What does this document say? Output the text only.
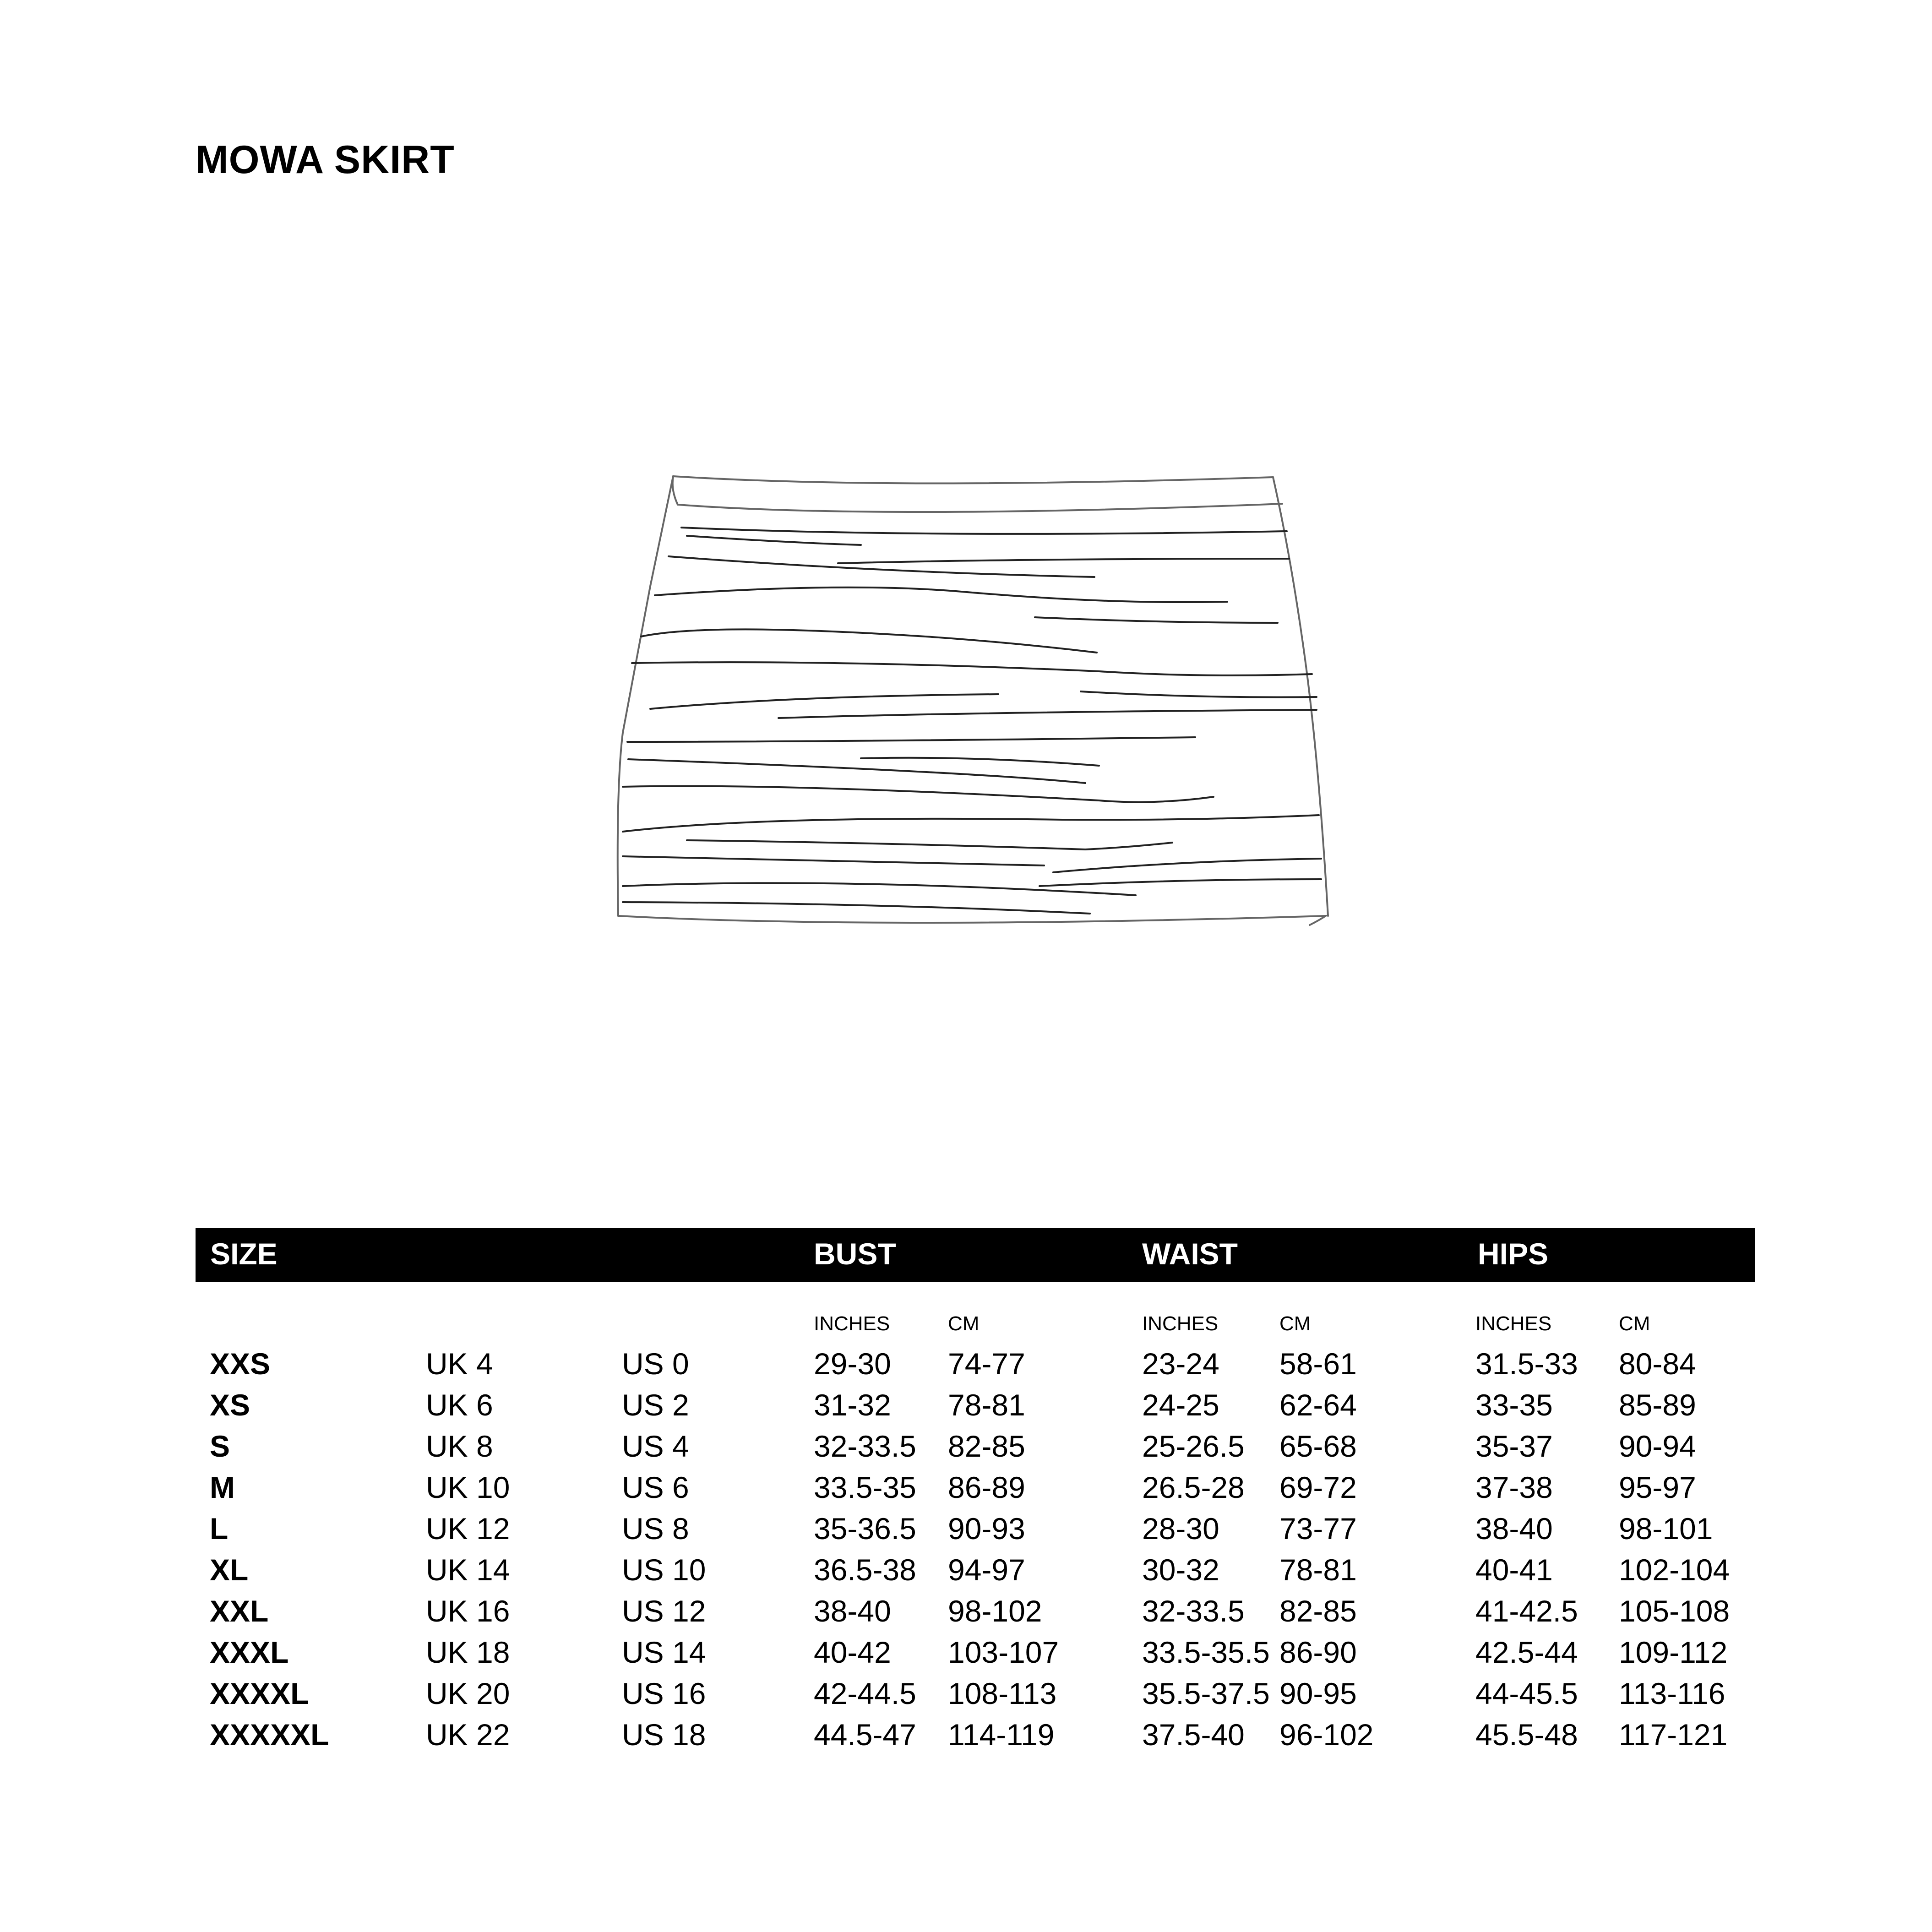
MOWA SKIRT
SIZE	BUST	WAIST	HIPS
INCHES	CM	INCHES	CM	INCHES	CM
XXS	UK 4	US 0	29-30 74-77	23-24 58-61	31.5-33 80-84
XS	UK 6	US 2	31-32 78-81	24-25 62-64	33-35 85-89
S	UK 8	US 4	32-33.5 82-85	25-26.5 65-68	35-37 90-94
M	UK 10	US 6	33.5-35 86-89	26.5-28 69-72	37-38 95-97
L	UK 12	US 8	35-36.5 90-93	28-30 73-77	38-40 98-101
XL	UK 14	US 10	36.5-38 94-97	30-32 78-81	40-41 102-104
XXL	UK 16	US 12	38-40 98-102	32-33.5 82-85	41-42.5 105-108
XXXL	UK 18	US 14	40-42 103-107	33.5-35.5 86-90	42.5-44 109-112
XXXXL	UK 20	US 16	42-44.5 108-113	35.5-37.5 90-95	44-45.5 113-116
XXXXXL	UK 22	US 18	44.5-47 114-119	37.5-40 96-102	45.5-48 117-121
